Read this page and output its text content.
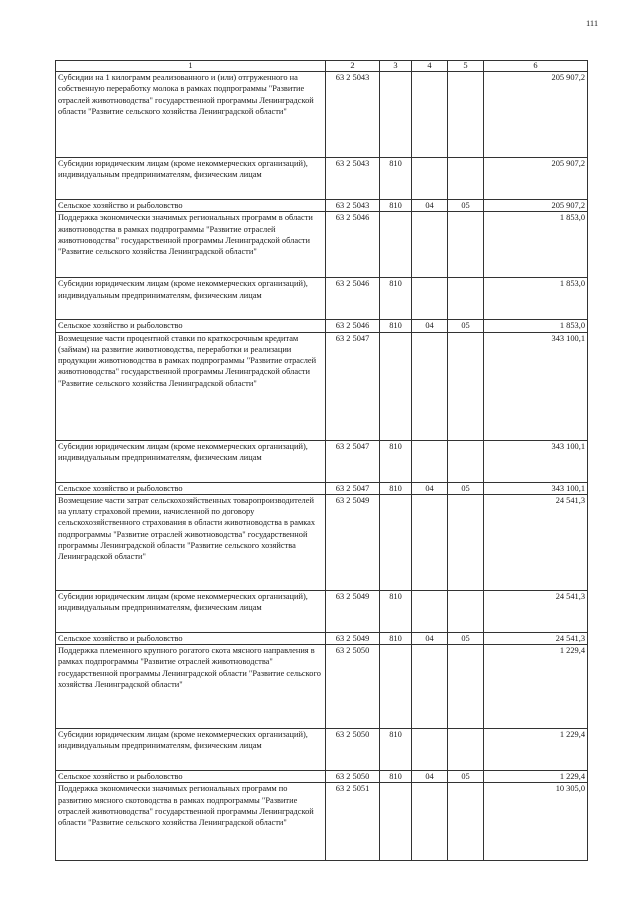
111
1	2	3	4	5	6
Субсидии на 1 килограмм реализованного и (или) отгруженного на собственную переработку молока в рамках подпрограммы "Развитие отраслей животноводства" государственной программы Ленинградской области "Развитие сельского хозяйства Ленинградской области"	63 2 5043				205 907,2
Субсидии юридическим лицам (кроме некоммерческих организаций), индивидуальным предпринимателям, физическим лицам	63 2 5043	810			205 907,2
Сельское хозяйство и рыболовство	63 2 5043	810	04	05	205 907,2
Поддержка экономически значимых региональных программ в области животноводства в рамках подпрограммы "Развитие отраслей животноводства" государственной программы Ленинградской области "Развитие сельского хозяйства Ленинградской области"	63 2 5046				1 853,0
Субсидии юридическим лицам (кроме некоммерческих организаций), индивидуальным предпринимателям, физическим лицам	63 2 5046	810			1 853,0
Сельское хозяйство и рыболовство	63 2 5046	810	04	05	1 853,0
Возмещение части процентной ставки по краткосрочным кредитам (займам) на развитие животноводства, переработки и реализации продукции животноводства в рамках подпрограммы "Развитие отраслей животноводства" государственной программы Ленинградской области "Развитие сельского хозяйства Ленинградской области"	63 2 5047				343 100,1
Субсидии юридическим лицам (кроме некоммерческих организаций), индивидуальным предпринимателям, физическим лицам	63 2 5047	810			343 100,1
Сельское хозяйство и рыболовство	63 2 5047	810	04	05	343 100,1
Возмещение части затрат сельскохозяйственных товаропроизводителей на уплату страховой премии, начисленной по договору сельскохозяйственного страхования в области животноводства в рамках подпрограммы "Развитие отраслей животноводства" государственной программы Ленинградской области "Развитие сельского хозяйства Ленинградской области"	63 2 5049				24 541,3
Субсидии юридическим лицам (кроме некоммерческих организаций), индивидуальным предпринимателям, физическим лицам	63 2 5049	810			24 541,3
Сельское хозяйство и рыболовство	63 2 5049	810	04	05	24 541,3
Поддержка племенного крупного рогатого скота мясного направления в рамках подпрограммы "Развитие отраслей животноводства" государственной программы Ленинградской области "Развитие сельского хозяйства Ленинградской области"	63 2 5050				1 229,4
Субсидии юридическим лицам (кроме некоммерческих организаций), индивидуальным предпринимателям, физическим лицам	63 2 5050	810			1 229,4
Сельское хозяйство и рыболовство	63 2 5050	810	04	05	1 229,4
Поддержка экономически значимых региональных программ по развитию мясного скотоводства в рамках подпрограммы "Развитие отраслей животноводства" государственной программы Ленинградской области "Развитие сельского хозяйства Ленинградской области"	63 2 5051				10 305,0
